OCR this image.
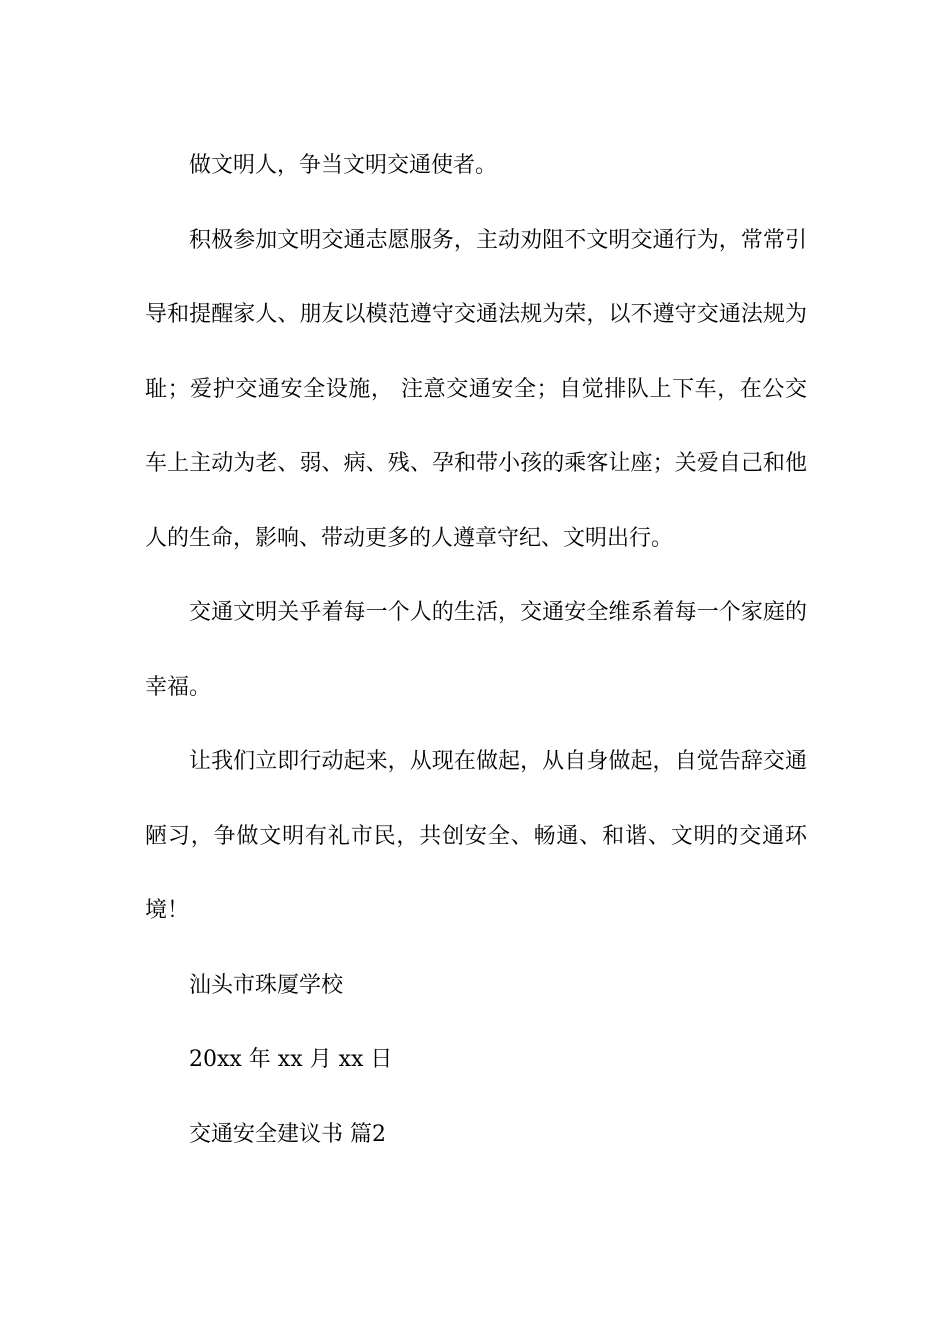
做文明人，争当文明交通使者。

积极参加文明交通志愿服务，主动劝阻不文明交通行为，常常引导和提醒家人、朋友以模范遵守交通法规为荣，以不遵守交通法规为耻；爱护交通安全设施， 注意交通安全；自觉排队上下车，在公交车上主动为老、弱、病、残、孕和带小孩的乘客让座；关爱自己和他人的生命，影响、带动更多的人遵章守纪、文明出行。

交通文明关乎着每一个人的生活，交通安全维系着每一个家庭的幸福。

让我们立即行动起来，从现在做起，从自身做起，自觉告辞交通陋习，争做文明有礼市民，共创安全、畅通、和谐、文明的交通环境！

汕头市珠厦学校
20xx 年 xx 月 xx 日
交通安全建议书 篇2
